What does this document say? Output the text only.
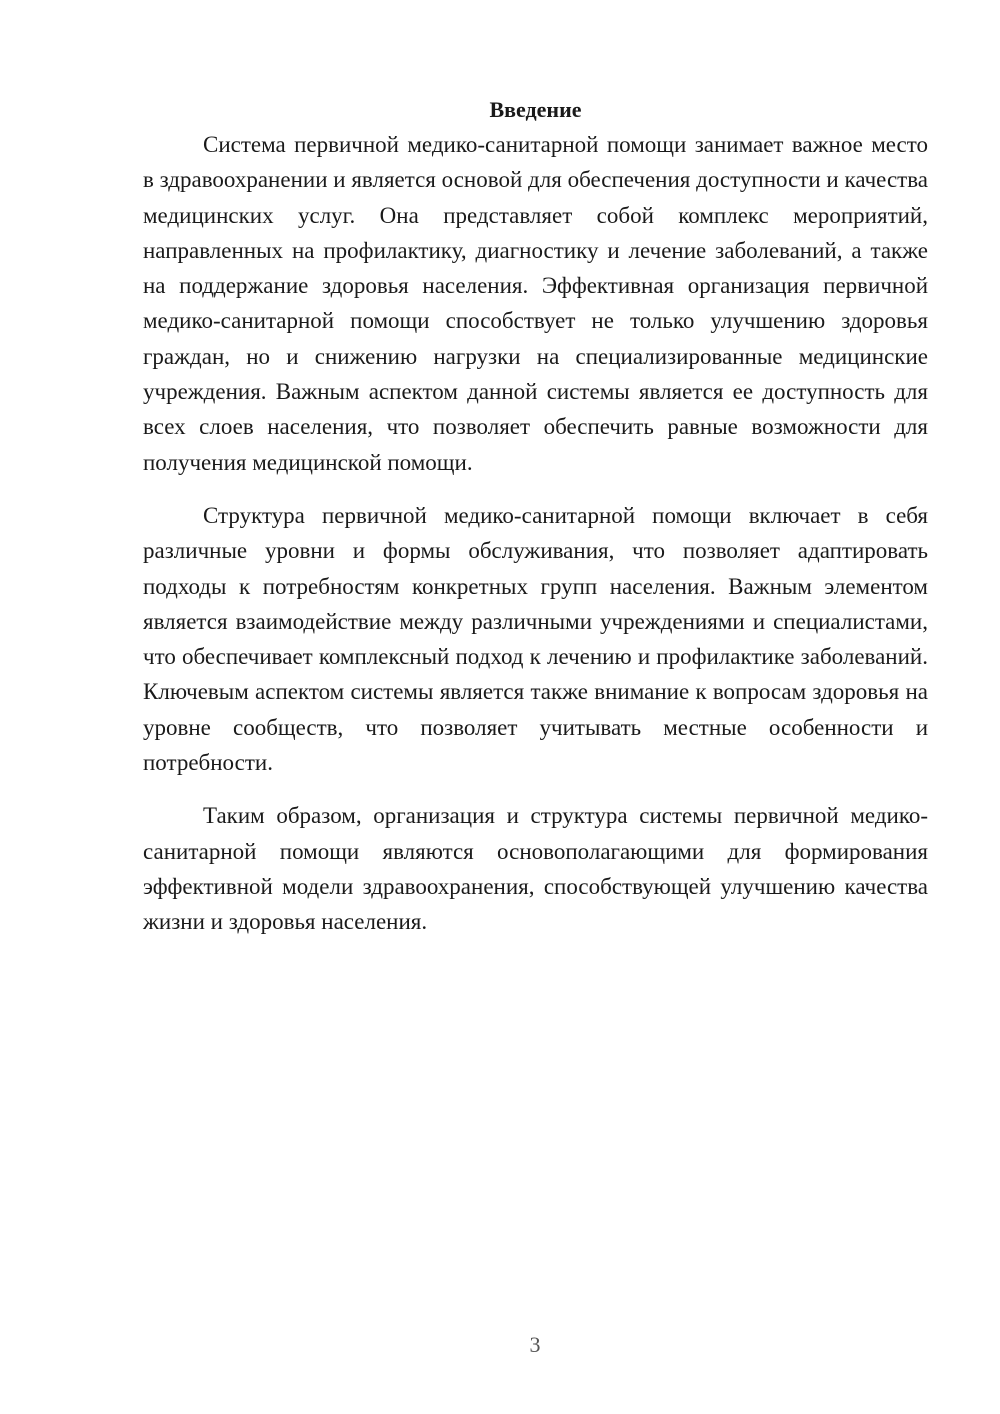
Введение

Система первичной медико-санитарной помощи занимает важное место в здравоохранении и является основой для обеспечения доступности и качества медицинских услуг. Она представляет собой комплекс мероприятий, направленных на профилактику, диагностику и лечение заболеваний, а также на поддержание здоровья населения. Эффективная организация первичной медико-санитарной помощи способствует не только улучшению здоровья граждан, но и снижению нагрузки на специализированные медицинские учреждения. Важным аспектом данной системы является ее доступность для всех слоев населения, что позволяет обеспечить равные возможности для получения медицинской помощи.

Структура первичной медико-санитарной помощи включает в себя различные уровни и формы обслуживания, что позволяет адаптировать подходы к потребностям конкретных групп населения. Важным элементом является взаимодействие между различными учреждениями и специалистами, что обеспечивает комплексный подход к лечению и профилактике заболеваний. Ключевым аспектом системы является также внимание к вопросам здоровья на уровне сообществ, что позволяет учитывать местные особенности и потребности.

Таким образом, организация и структура системы первичной медико-санитарной помощи являются основополагающими для формирования эффективной модели здравоохранения, способствующей улучшению качества жизни и здоровья населения.

3
